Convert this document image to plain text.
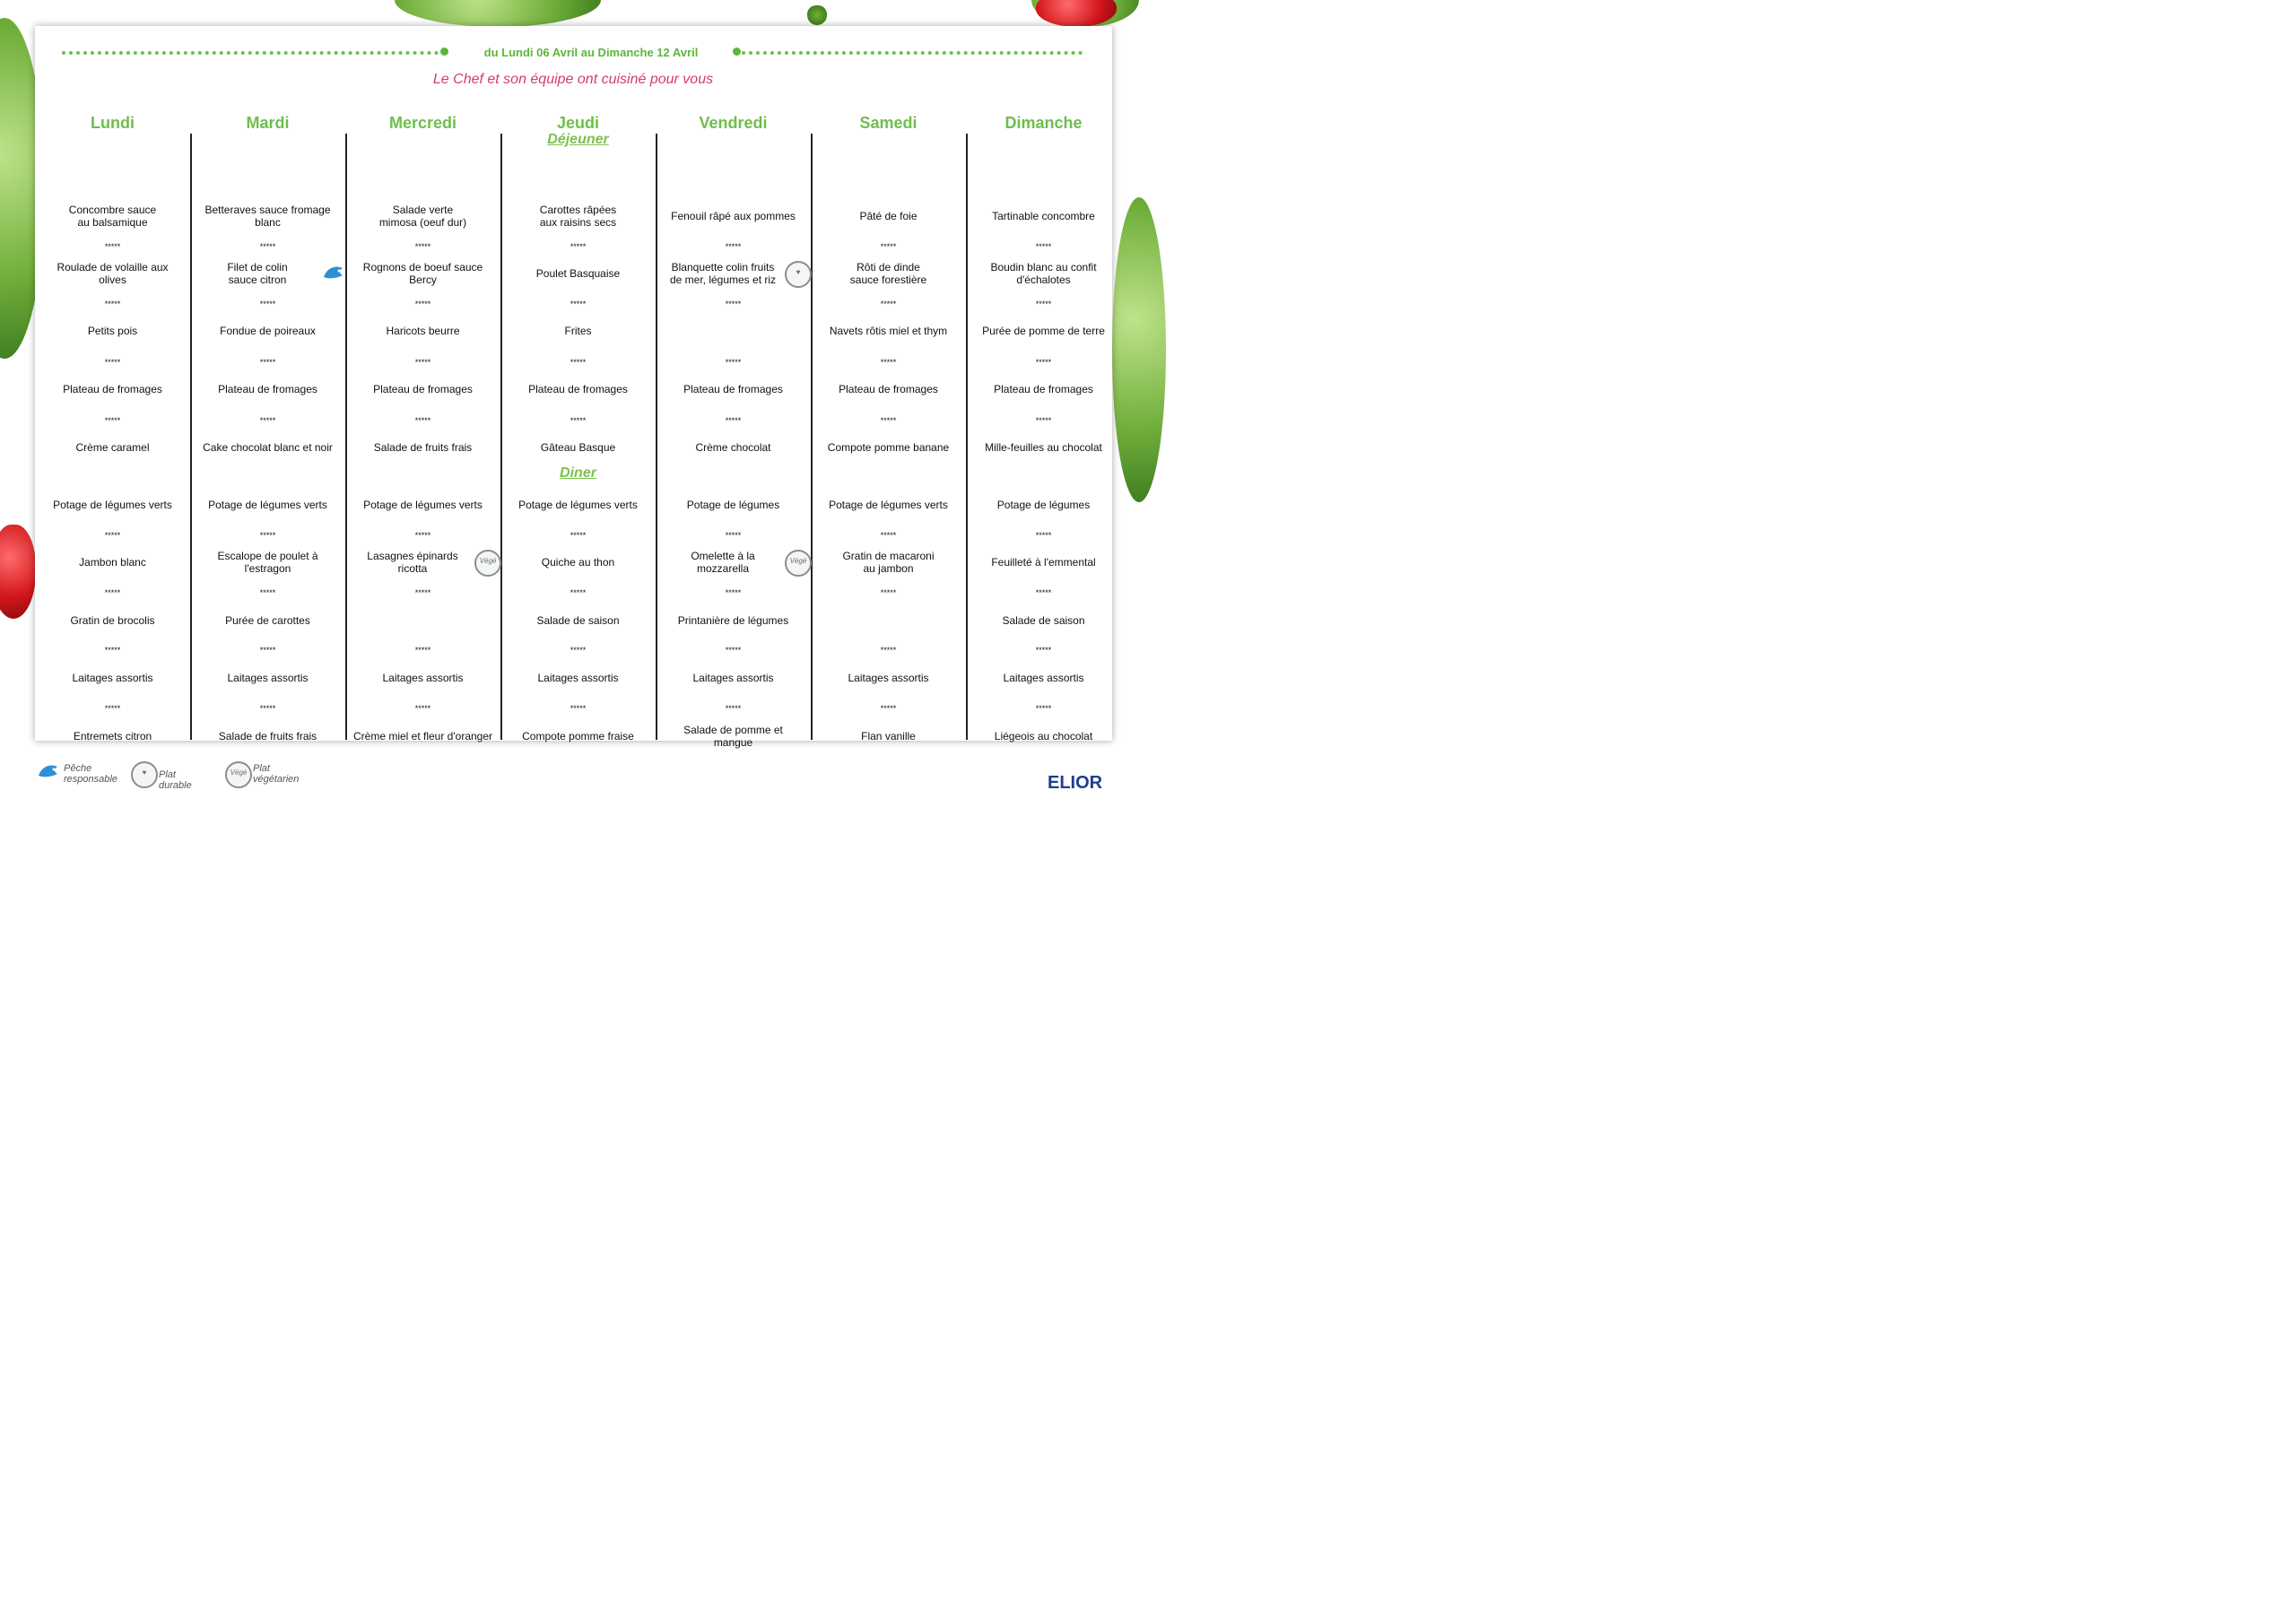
du Lundi 06 Avril au Dimanche 12 Avril
Le Chef et son équipe ont cuisiné pour vous
Lundi
Concombre sauce
au balsamique
Roulade de volaille aux
olives
Petits pois
Plateau de fromages
Crème caramel
*****
*****
*****
*****
Potage de légumes verts
Jambon blanc
Gratin de brocolis
Laitages assortis
Entremets citron
*****
*****
*****
*****
Mardi
Betteraves sauce fromage
blanc
Filet de colin
sauce citron
Fondue de poireaux
Plateau de fromages
Cake chocolat blanc et noir
*****
*****
*****
*****
Potage de légumes verts
Escalope de poulet à
l'estragon
Purée de carottes
Laitages assortis
Salade de fruits frais
*****
*****
*****
*****
Mercredi
Salade verte
mimosa (oeuf dur)
Rognons de boeuf sauce
Bercy
Haricots beurre
Plateau de fromages
Salade de fruits frais
*****
*****
*****
*****
Potage de légumes verts
Lasagnes épinards
ricotta
Végé
Laitages assortis
Crème miel et fleur d'oranger
*****
*****
*****
*****
Jeudi
Carottes râpées
aux raisins secs
Poulet Basquaise
Frites
Plateau de fromages
Gâteau Basque
*****
*****
*****
*****
Potage de légumes verts
Quiche au thon
Salade de saison
Laitages assortis
Compote pomme fraise
*****
*****
*****
*****
Déjeuner
Diner
Vendredi
Fenouil râpé aux pommes
Blanquette colin fruits
de mer, légumes et riz
♥
Plateau de fromages
Crème chocolat
*****
*****
*****
*****
Potage de légumes
Omelette à la
mozzarella
Végé
Printanière de légumes
Laitages assortis
Salade de pomme et
mangue
*****
*****
*****
*****
Samedi
Pâté de foie
Rôti de dinde
sauce forestière
Navets rôtis miel et thym
Plateau de fromages
Compote pomme banane
*****
*****
*****
*****
Potage de légumes verts
Gratin de macaroni
au jambon
Laitages assortis
Flan vanille
*****
*****
*****
*****
Dimanche
Tartinable concombre
Boudin blanc au confit
d'échalotes
Purée de pomme de terre
Plateau de fromages
Mille-feuilles au chocolat
*****
*****
*****
*****
Potage de légumes
Feuilleté à l'emmental
Salade de saison
Laitages assortis
Liégeois au chocolat
*****
*****
*****
*****
Pêche
responsable
♥	Plat durable
Végé Plat
végétarien	ELIOR
